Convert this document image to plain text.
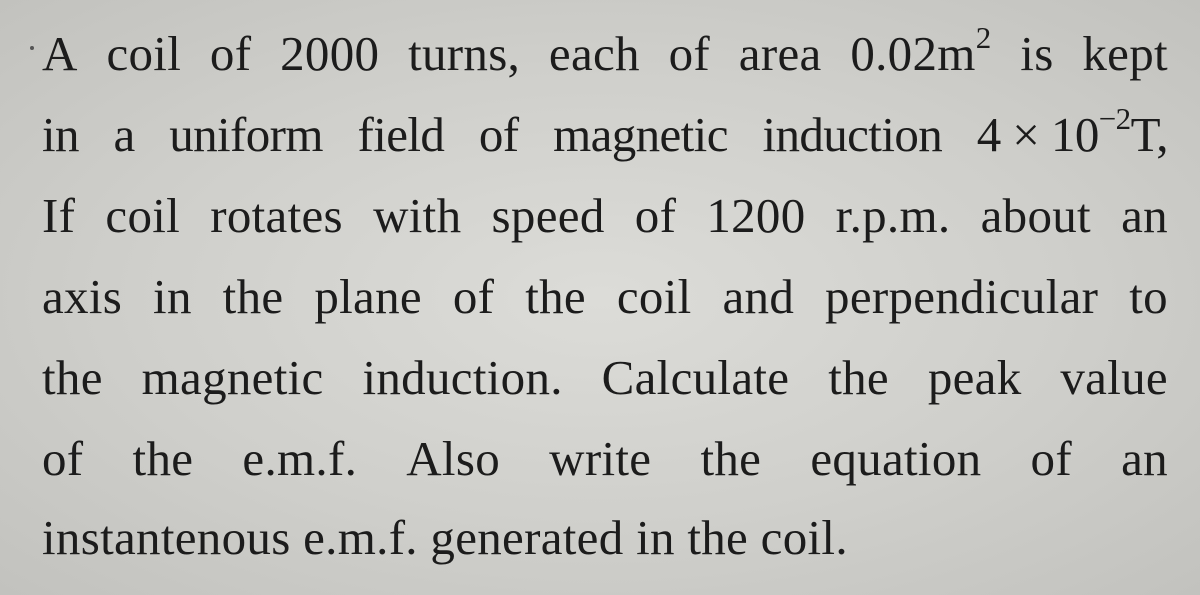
A coil of 2000 turns, each of area $0.02m^2$ is kept
in a uniform field of magnetic induction $4 \times 10^{-2}T$,
If coil rotates with speed of 1200 r.p.m. about an
axis in the plane of the coil and perpendicular to
the magnetic induction. Calculate the peak value
of the e.m.f. Also write the equation of an
instantenous e.m.f. generated in the coil.
